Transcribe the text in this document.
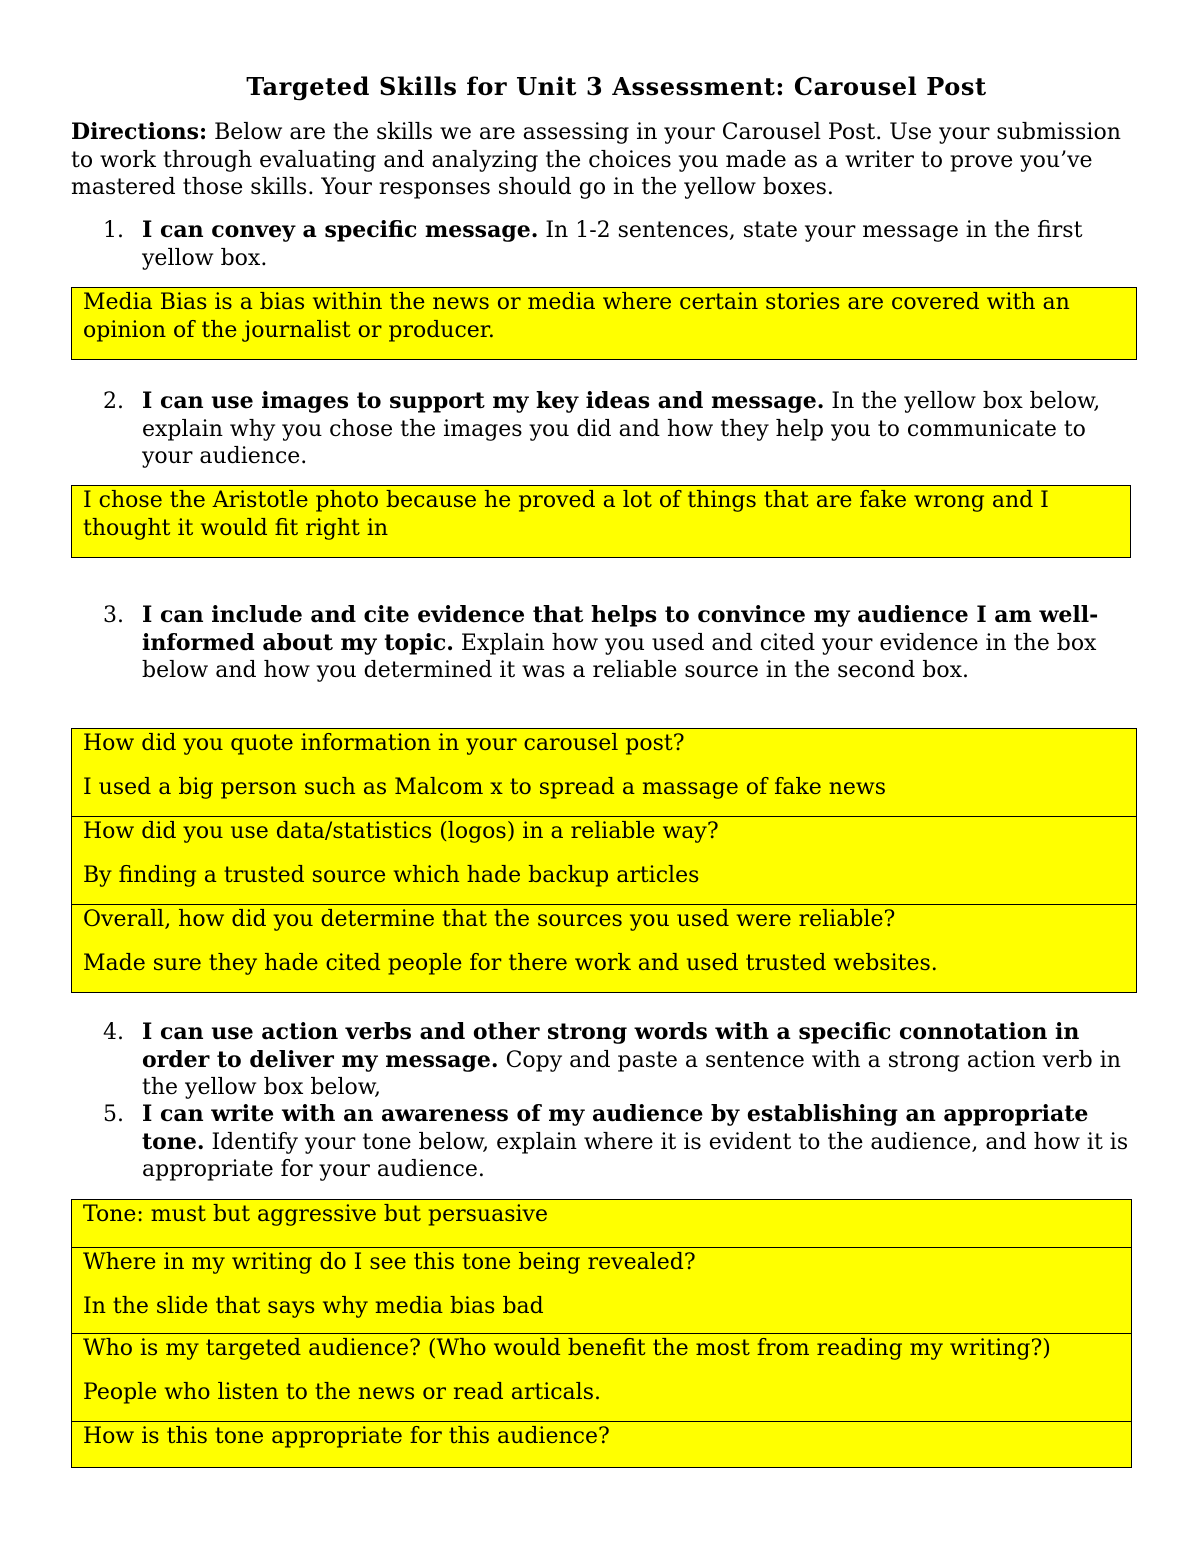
Targeted Skills for Unit 3 Assessment: Carousel Post
Directions: Below are the skills we are assessing in your Carousel Post. Use your submission to work through evaluating and analyzing the choices you made as a writer to prove you’ve mastered those skills. Your responses should go in the yellow boxes.
1. I can convey a specific message. In 1-2 sentences, state your message in the first yellow box.

Media Bias is a bias within the news or media where certain stories are covered with an opinion of the journalist or producer.

2. I can use images to support my key ideas and message. In the yellow box below, explain why you chose the images you did and how they help you to communicate to your audience.

I chose the Aristotle photo because he proved a lot of things that are fake wrong and I thought it would fit right in

3. I can include and cite evidence that helps to convince my audience I am well-informed about my topic. Explain how you used and cited your evidence in the box below and how you determined it was a reliable source in the second box.

How did you quote information in your carousel post?

I used a big person such as Malcom x to spread a massage of fake news

How did you use data/statistics (logos) in a reliable way?

By finding a trusted source which hade backup articles

Overall, how did you determine that the sources you used were reliable?

Made sure they hade cited people for there work and used trusted websites.

4. I can use action verbs and other strong words with a specific connotation in order to deliver my message. Copy and paste a sentence with a strong action verb in the yellow box below,
5. I can write with an awareness of my audience by establishing an appropriate tone. Identify your tone below, explain where it is evident to the audience, and how it is appropriate for your audience.

Tone: must but aggressive but persuasive

Where in my writing do I see this tone being revealed?

In the slide that says why media bias bad

Who is my targeted audience? (Who would benefit the most from reading my writing?)

People who listen to the news or read articals.

How is this tone appropriate for this audience?
